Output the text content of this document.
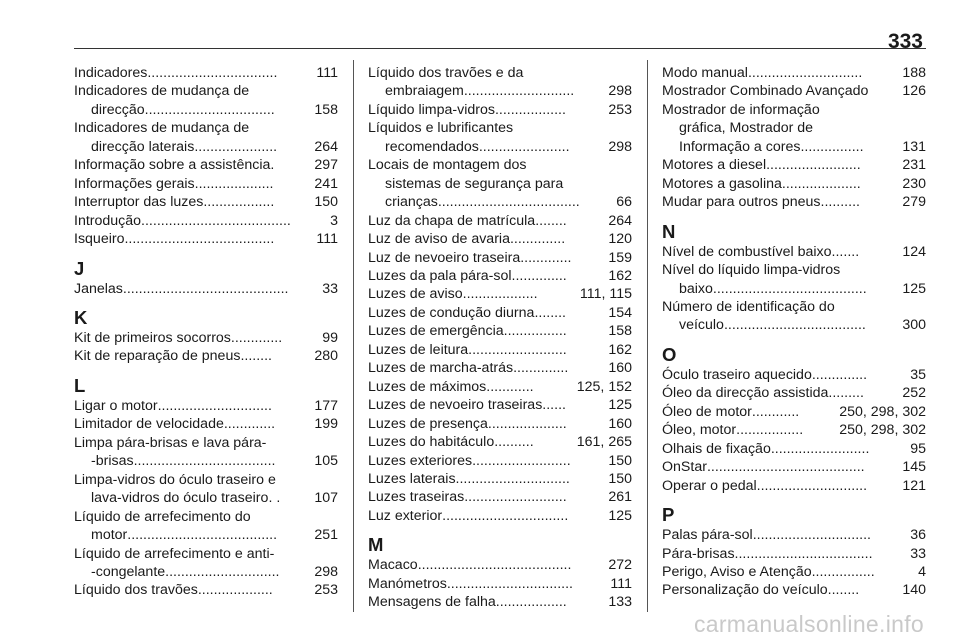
333
Indicadores .................................	111
Indicadores de mudança de
direcção .................................	158
Indicadores de mudança de
direcção laterais .....................	264
Informação sobre a assistência .	297
Informações gerais ....................	241
Interruptor das luzes ..................	150
Introdução ......................................	3
Isqueiro ......................................	111
J
Janelas ..........................................	33
K
Kit de primeiros socorros .............	99
Kit de reparação de pneus ........	280
L
Ligar o motor .............................	177
Limitador de velocidade .............	199
Limpa pára-brisas e lava pára-
-brisas ....................................	105
Limpa-vidros do óculo traseiro e
lava-vidros do óculo traseiro . .	107
Líquido de arrefecimento do
motor ......................................	251
Líquido de arrefecimento e anti-
-congelante .............................	298
Líquido dos travões ...................	253
Líquido dos travões e da
embraiagem ............................	298
Líquido limpa-vidros ..................	253
Líquidos e lubrificantes
recomendados .......................	298
Locais de montagem dos
sistemas de segurança para
crianças ....................................	66
Luz da chapa de matrícula ........	264
Luz de aviso de avaria ..............	120
Luz de nevoeiro traseira .............	159
Luzes da pala pára-sol ..............	162
Luzes de aviso ...................	111, 115
Luzes de condução diurna ........	154
Luzes de emergência ................	158
Luzes de leitura .........................	162
Luzes de marcha-atrás ..............	160
Luzes de máximos ............	125, 152
Luzes de nevoeiro traseiras ......	125
Luzes de presença ....................	160
Luzes do habitáculo ..........	161, 265
Luzes exteriores .........................	150
Luzes laterais .............................	150
Luzes traseiras ..........................	261
Luz exterior ................................	125
M
Macaco .......................................	272
Manómetros ................................	111
Mensagens de falha ..................	133
Modo manual .............................	188
Mostrador Combinado Avançado 126
Mostrador de informação
gráfica, Mostrador de
Informação a cores ................	131
Motores a diesel ........................	231
Motores a gasolina ....................	230
Mudar para outros pneus ..........	279
N
Nível de combustível baixo .......	124
Nível do líquido limpa-vidros
baixo .......................................	125
Número de identificação do
veículo ....................................	300
O
Óculo traseiro aquecido ..............	35
Óleo da direcção assistida .........	252
Óleo de motor ............	250, 298, 302
Óleo, motor .................	250, 298, 302
Olhais de fixação .........................	95
OnStar ........................................	145
Operar o pedal ............................	121
P
Palas pára-sol ..............................	36
Pára-brisas ...................................	33
Perigo, Aviso e Atenção ................	4
Personalização do veículo ........	140
carmanualsonline.info
